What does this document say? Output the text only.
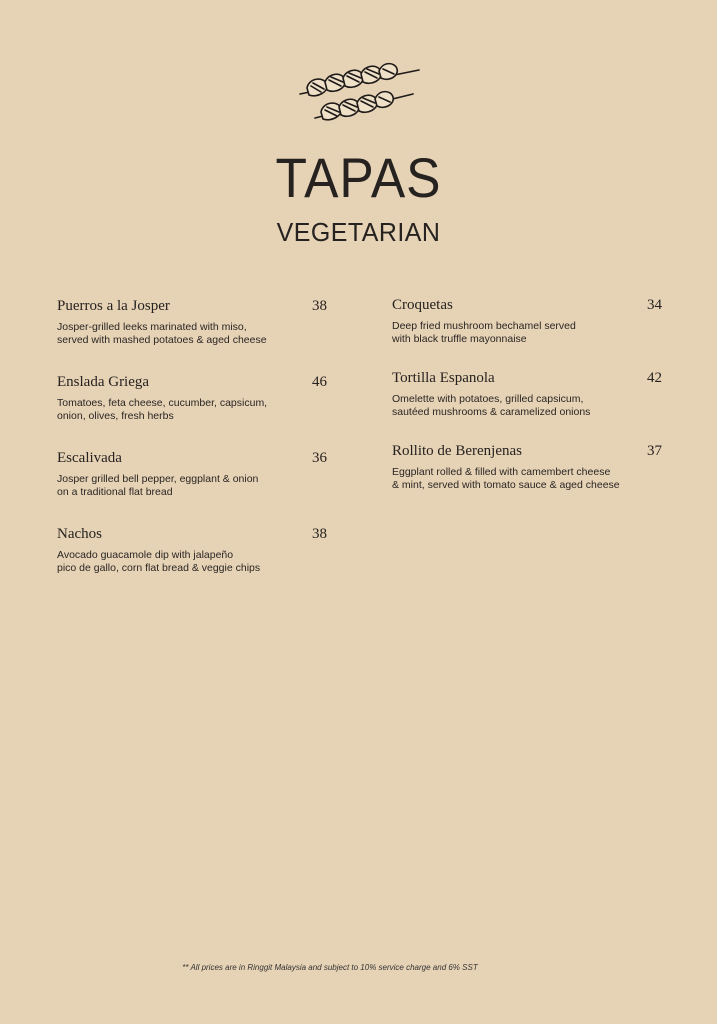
TAPAS
VEGETARIAN
Puerros a la Josper	38
Josper-grilled leeks marinated with miso,
served with mashed potatoes & aged cheese
Enslada Griega	46
Tomatoes, feta cheese, cucumber, capsicum,
onion, olives, fresh herbs
Escalivada	36
Josper grilled bell pepper, eggplant & onion
on a traditional flat bread
Nachos	38
Avocado guacamole dip with jalapeño
pico de gallo, corn flat bread & veggie chips
Croquetas	34
Deep fried mushroom bechamel served
with black truffle mayonnaise
Tortilla Espanola	42
Omelette with potatoes, grilled capsicum,
sautéed mushrooms & caramelized onions
Rollito de Berenjenas	37
Eggplant rolled & filled with camembert cheese
& mint, served with tomato sauce & aged cheese
** All prices are in Ringgit Malaysia and subject to 10% service charge and 6% SST
